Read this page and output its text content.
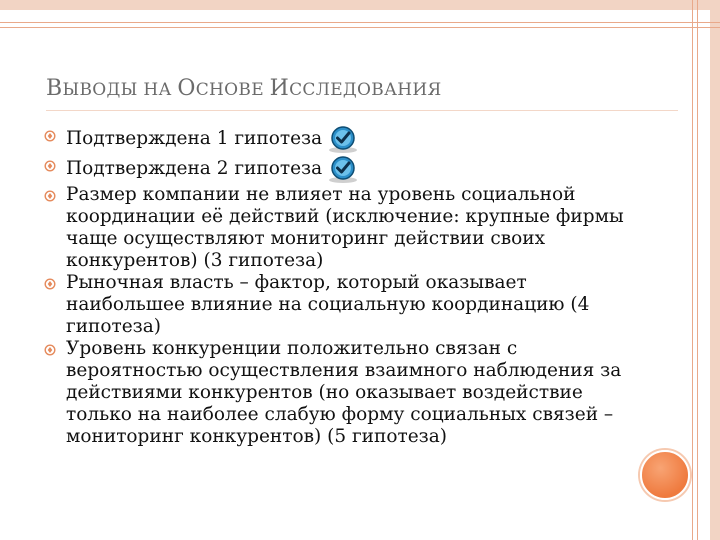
ВЫВОДЫ НА ОСНОВЕ ИССЛЕДОВАНИЯ
Подтверждена 1 гипотеза
Подтверждена 2 гипотеза
Размер компании не влияет на уровень социальной координации её действий (исключение: крупные фирмы чаще осуществляют мониторинг действии своих конкурентов) (3 гипотеза)
Рыночная власть – фактор, который оказывает наибольшее влияние на социальную координацию (4 гипотеза)
Уровень конкуренции положительно связан с вероятностью осуществления взаимного наблюдения за действиями конкурентов (но оказывает воздействие только на наиболее слабую форму социальных связей – мониторинг конкурентов) (5 гипотеза)
